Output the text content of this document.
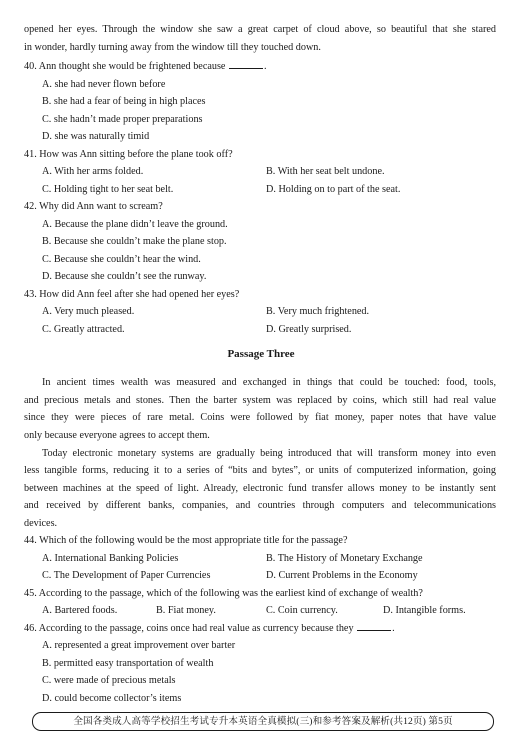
opened her eyes. Through the window she saw a great carpet of cloud above, so beautiful that she stared
in wonder, hardly turning away from the window till they touched down.
40. Ann thought she would be frightened because	.
A. she had never flown before
B. she had a fear of being in high places
C. she hadn’t made proper preparations
D. she was naturally timid
41. How was Ann sitting before the plane took off?
A. With her arms folded.	B. With her seat belt undone.
C. Holding tight to her seat belt.	D. Holding on to part of the seat.
42. Why did Ann want to scream?
A. Because the plane didn’t leave the ground.
B. Because she couldn’t make the plane stop.
C. Because she couldn’t hear the wind.
D. Because she couldn’t see the runway.
43. How did Ann feel after she had opened her eyes?
A. Very much pleased.	B. Very much frightened.
C. Greatly attracted.	D. Greatly surprised.
Passage Three
In ancient times wealth was measured and exchanged in things that could be touched: food, tools,
and precious metals and stones. Then the barter system was replaced by coins, which still had real value
since they were pieces of rare metal. Coins were followed by fiat money, paper notes that have value
only because everyone agrees to accept them.
Today electronic monetary systems are gradually being introduced that will transform money into even
less tangible forms, reducing it to a series of “bits and bytes”, or units of computerized information, going
between machines at the speed of light. Already, electronic fund transfer allows money to be instantly sent
and received by different banks, companies, and countries through computers and telecommunications
devices.
44. Which of the following would be the most appropriate title for the passage?
A. International Banking Policies	B. The History of Monetary Exchange
C. The Development of Paper Currencies	D. Current Problems in the Economy
45. According to the passage, which of the following was the earliest kind of exchange of wealth?
A. Bartered foods.	B. Fiat money.	C. Coin currency.	D. Intangible forms.
46. According to the passage, coins once had real value as currency because they	.
A. represented a great improvement over barter
B. permitted easy transportation of wealth
C. were made of precious metals
D. could become collector’s items
全国各类成人高等学校招生考试专升本英语全真模拟(三)和参考答案及解析(共12页) 第5页
